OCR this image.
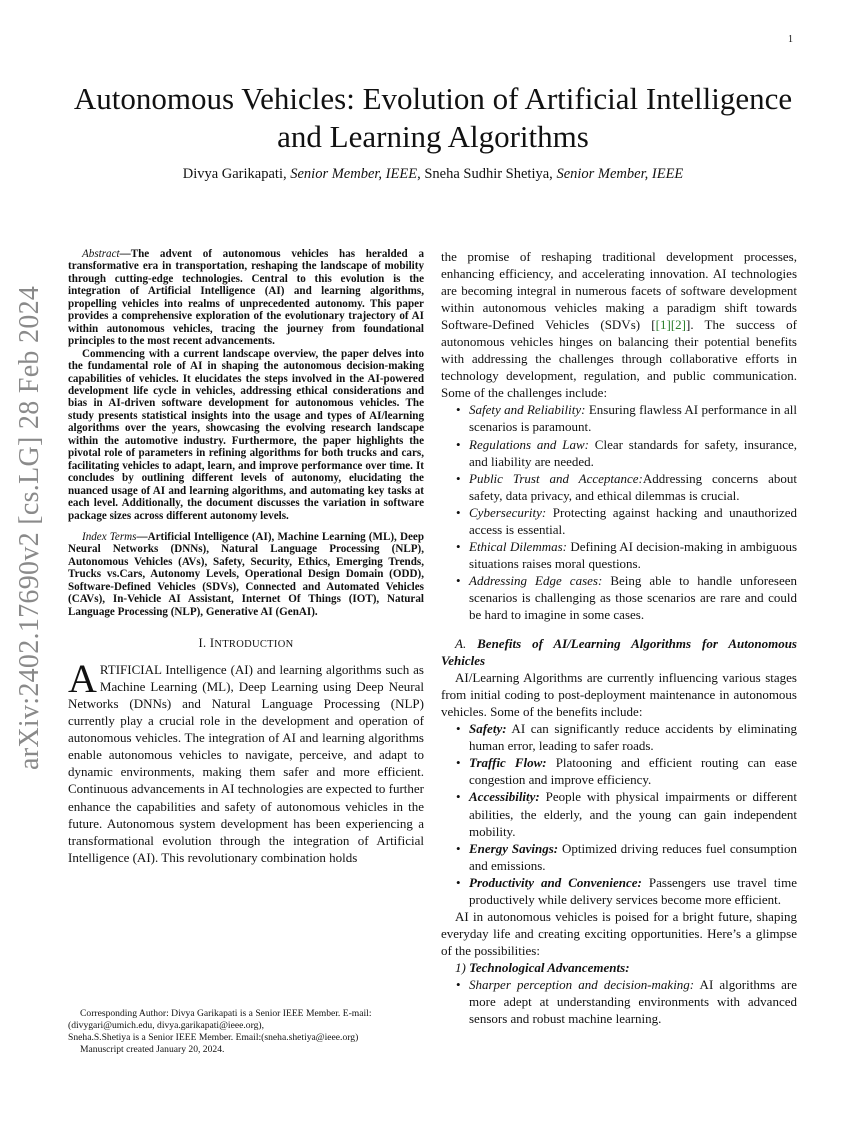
1
arXiv:2402.17690v2 [cs.LG] 28 Feb 2024
Autonomous Vehicles: Evolution of Artificial Intelligence and Learning Algorithms
Divya Garikapati, Senior Member, IEEE, Sneha Sudhir Shetiya, Senior Member, IEEE

Abstract—The advent of autonomous vehicles has heralded a transformative era in transportation, reshaping the landscape of mobility through cutting-edge technologies. Central to this evolution is the integration of Artificial Intelligence (AI) and learning algorithms, propelling vehicles into realms of unprecedented autonomy. This paper provides a comprehensive exploration of the evolutionary trajectory of AI within autonomous vehicles, tracing the journey from foundational principles to the most recent advancements.

Commencing with a current landscape overview, the paper delves into the fundamental role of AI in shaping the autonomous decision-making capabilities of vehicles. It elucidates the steps involved in the AI-powered development life cycle in vehicles, addressing ethical considerations and bias in AI-driven software development for autonomous vehicles. The study presents statistical insights into the usage and types of AI/learning algorithms over the years, showcasing the evolving research landscape within the automotive industry. Furthermore, the paper highlights the pivotal role of parameters in refining algorithms for both trucks and cars, facilitating vehicles to adapt, learn, and improve performance over time. It concludes by outlining different levels of autonomy, elucidating the nuanced usage of AI and learning algorithms, and automating key tasks at each level. Additionally, the document discusses the variation in software package sizes across different autonomy levels.

Index Terms—Artificial Intelligence (AI), Machine Learning (ML), Deep Neural Networks (DNNs), Natural Language Processing (NLP), Autonomous Vehicles (AVs), Safety, Security, Ethics, Emerging Trends, Trucks vs.Cars, Autonomy Levels, Operational Design Domain (ODD), Software-Defined Vehicles (SDVs), Connected and Automated Vehicles (CAVs), In-Vehicle AI Assistant, Internet Of Things (IOT), Natural Language Processing (NLP), Generative AI (GenAI).

I. INTRODUCTION

ARTIFICIAL Intelligence (AI) and learning algorithms such as Machine Learning (ML), Deep Learning using Deep Neural Networks (DNNs) and Natural Language Processing (NLP) currently play a crucial role in the development and operation of autonomous vehicles. The integration of AI and learning algorithms enable autonomous vehicles to navigate, perceive, and adapt to dynamic environments, making them safer and more efficient. Continuous advancements in AI technologies are expected to further enhance the capabilities and safety of autonomous vehicles in the future. Autonomous system development has been experiencing a transformational evolution through the integration of Artificial Intelligence (AI). This revolutionary combination holds

the promise of reshaping traditional development processes, enhancing efficiency, and accelerating innovation. AI technologies are becoming integral in numerous facets of software development within autonomous vehicles making a paradigm shift towards Software-Defined Vehicles (SDVs) [[1][2]]. The success of autonomous vehicles hinges on balancing their potential benefits with addressing the challenges through collaborative efforts in technology development, regulation, and public communication. Some of the challenges include:

• Safety and Reliability: Ensuring flawless AI performance in all scenarios is paramount.
• Regulations and Law: Clear standards for safety, insurance, and liability are needed.
• Public Trust and Acceptance:Addressing concerns about safety, data privacy, and ethical dilemmas is crucial.
• Cybersecurity: Protecting against hacking and unauthorized access is essential.
• Ethical Dilemmas: Defining AI decision-making in ambiguous situations raises moral questions.
• Addressing Edge cases: Being able to handle unforeseen scenarios is challenging as those scenarios are rare and could be hard to imagine in some cases.

A. Benefits of AI/Learning Algorithms for Autonomous Vehicles

AI/Learning Algorithms are currently influencing various stages from initial coding to post-deployment maintenance in autonomous vehicles. Some of the benefits include:

• Safety: AI can significantly reduce accidents by eliminating human error, leading to safer roads.
• Traffic Flow: Platooning and efficient routing can ease congestion and improve efficiency.
• Accessibility: People with physical impairments or different abilities, the elderly, and the young can gain independent mobility.
• Energy Savings: Optimized driving reduces fuel consumption and emissions.
• Productivity and Convenience: Passengers use travel time productively while delivery services become more efficient.

AI in autonomous vehicles is poised for a bright future, shaping everyday life and creating exciting opportunities. Here’s a glimpse of the possibilities:

1) Technological Advancements:

• Sharper perception and decision-making: AI algorithms are more adept at understanding environments with advanced sensors and robust machine learning.

Corresponding Author: Divya Garikapati is a Senior IEEE Member. E-mail: (divygari@umich.edu, divya.garikapati@ieee.org),

Sneha.S.Shetiya is a Senior IEEE Member. Email:(sneha.shetiya@ieee.org)

Manuscript created January 20, 2024.
